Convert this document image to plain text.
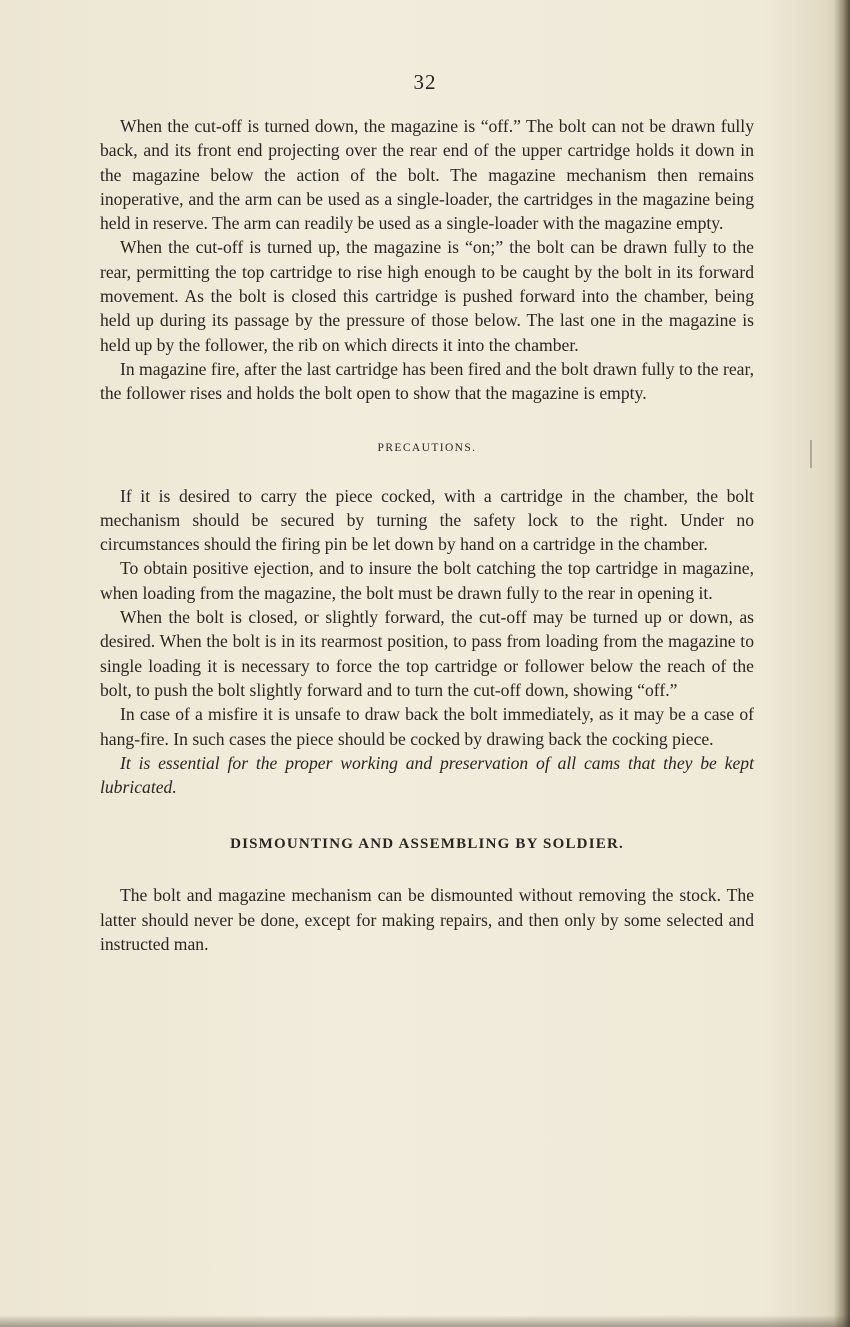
32

When the cut-off is turned down, the magazine is “off.” The bolt can not be drawn fully back, and its front end projecting over the rear end of the upper cartridge holds it down in the magazine below the action of the bolt. The magazine mechanism then remains inoperative, and the arm can be used as a single-loader, the cartridges in the magazine being held in reserve. The arm can readily be used as a single-loader with the magazine empty.

When the cut-off is turned up, the magazine is “on;” the bolt can be drawn fully to the rear, permitting the top cartridge to rise high enough to be caught by the bolt in its forward movement. As the bolt is closed this cartridge is pushed forward into the chamber, being held up during its passage by the pressure of those below. The last one in the magazine is held up by the follower, the rib on which directs it into the chamber.

In magazine fire, after the last cartridge has been fired and the bolt drawn fully to the rear, the follower rises and holds the bolt open to show that the magazine is empty.

PRECAUTIONS.

If it is desired to carry the piece cocked, with a cartridge in the chamber, the bolt mechanism should be secured by turning the safety lock to the right. Under no circumstances should the firing pin be let down by hand on a cartridge in the chamber.

To obtain positive ejection, and to insure the bolt catching the top cartridge in magazine, when loading from the magazine, the bolt must be drawn fully to the rear in opening it.

When the bolt is closed, or slightly forward, the cut-off may be turned up or down, as desired. When the bolt is in its rearmost position, to pass from loading from the magazine to single loading it is necessary to force the top cartridge or follower below the reach of the bolt, to push the bolt slightly forward and to turn the cut-off down, showing “off.”

In case of a misfire it is unsafe to draw back the bolt immediately, as it may be a case of hang-fire. In such cases the piece should be cocked by drawing back the cocking piece.

It is essential for the proper working and preservation of all cams that they be kept lubricated.

DISMOUNTING AND ASSEMBLING BY SOLDIER.

The bolt and magazine mechanism can be dismounted without removing the stock. The latter should never be done, except for making repairs, and then only by some selected and instructed man.
